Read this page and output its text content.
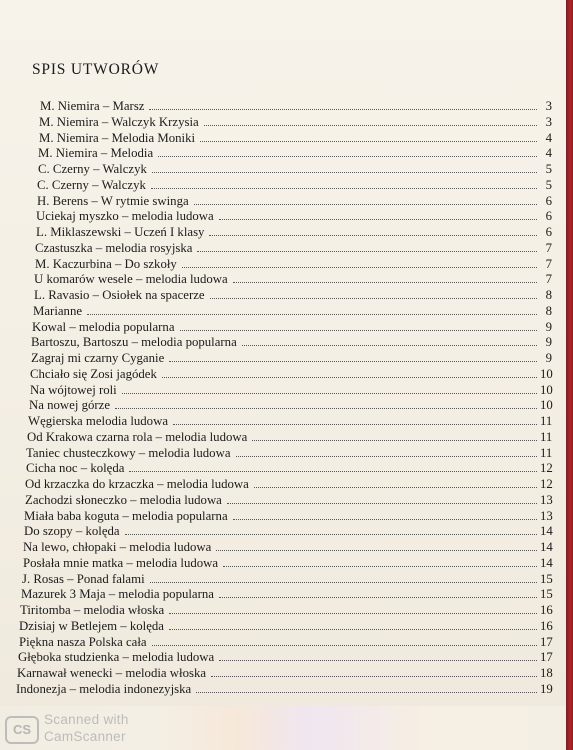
SPIS UTWORÓW
M. Niemira – Marsz	3
M. Niemira – Walczyk Krzysia	3
M. Niemira – Melodia Moniki	4
M. Niemira – Melodia	4
C. Czerny – Walczyk	5
C. Czerny – Walczyk	5
H. Berens – W rytmie swinga	6
Uciekaj myszko – melodia ludowa	6
L. Miklaszewski – Uczeń I klasy	6
Czastuszka – melodia rosyjska	7
M. Kaczurbina – Do szkoły	7
U komarów wesele – melodia ludowa	7
L. Ravasio – Osiołek na spacerze	8
Marianne	8
Kowal – melodia popularna	9
Bartoszu, Bartoszu – melodia popularna	9
Zagraj mi czarny Cyganie	9
Chciało się Zosi jagódek	10
Na wójtowej roli	10
Na nowej górze	10
Węgierska melodia ludowa	11
Od Krakowa czarna rola – melodia ludowa	11
Taniec chusteczkowy – melodia ludowa	11
Cicha noc – kolęda	12
Od krzaczka do krzaczka – melodia ludowa	12
Zachodzi słoneczko – melodia ludowa	13
Miała baba koguta – melodia popularna	13
Do szopy – kolęda	14
Na lewo, chłopaki – melodia ludowa	14
Posłała mnie matka – melodia ludowa	14
J. Rosas – Ponad falami	15
Mazurek 3 Maja – melodia popularna	15
Tiritomba – melodia włoska	16
Dzisiaj w Betlejem – kolęda	16
Piękna nasza Polska cała	17
Głęboka studzienka – melodia ludowa	17
Karnawał wenecki – melodia włoska	18
Indonezja – melodia indonezyjska	19
CS
Scanned with
CamScanner
